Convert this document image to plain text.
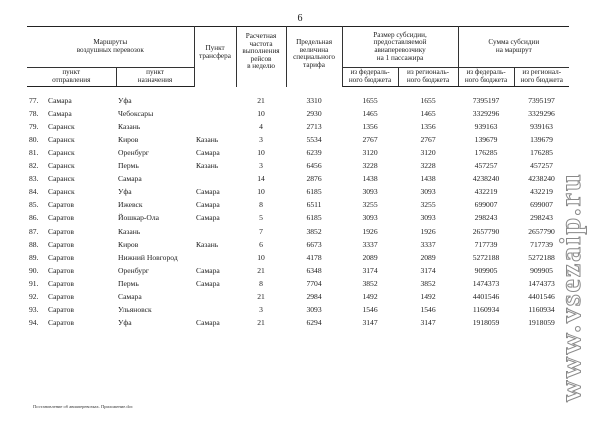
6
Маршруты
воздушных перевозок			Пункт
трансфера	Расчетная
частота
выполнения
рейсов
в неделю	Предельная
величина
специального
тарифа	Размер субсидии,
предоставляемой
авиаперевозчику
на 1 пассажира		Сумма субсидии
на маршрут	
пункт
отправления		пункт
назначения				из федераль-
ного бюджета	из региональ-
ного бюджета	из федераль-
ного бюджета	из регионал-
ного бюджета

77.	Самара	Уфа		21	3310	1655	1655	7395197	7395197
78.	Самара	Чебоксары		10	2930	1465	1465	3329296	3329296
79.	Саранск	Казань		4	2713	1356	1356	939163	939163
80.	Саранск	Киров	Казань	3	5534	2767	2767	139679	139679
81.	Саранск	Оренбург	Самара	10	6239	3120	3120	176285	176285
82.	Саранск	Пермь	Казань	3	6456	3228	3228	457257	457257
83.	Саранск	Самара		14	2876	1438	1438	4238240	4238240
84.	Саранск	Уфа	Самара	10	6185	3093	3093	432219	432219
85.	Саратов	Ижевск	Самара	8	6511	3255	3255	699007	699007
86.	Саратов	Йошкар-Ола	Самара	5	6185	3093	3093	298243	298243
87.	Саратов	Казань		7	3852	1926	1926	2657790	2657790
88.	Саратов	Киров	Казань	6	6673	3337	3337	717739	717739
89.	Саратов	Нижний Новгород		10	4178	2089	2089	5272188	5272188
90.	Саратов	Оренбург	Самара	21	6348	3174	3174	909905	909905
91.	Саратов	Пермь	Самара	8	7704	3852	3852	1474373	1474373
92.	Саратов	Самара		21	2984	1492	1492	4401546	4401546
93.	Саратов	Ульяновск		3	3093	1546	1546	1160934	1160934
94.	Саратов	Уфа	Самара	21	6294	3147	3147	1918059	1918059
Постановление об авиаперевозках. Приложение.doc
www.vsezaip.ru
